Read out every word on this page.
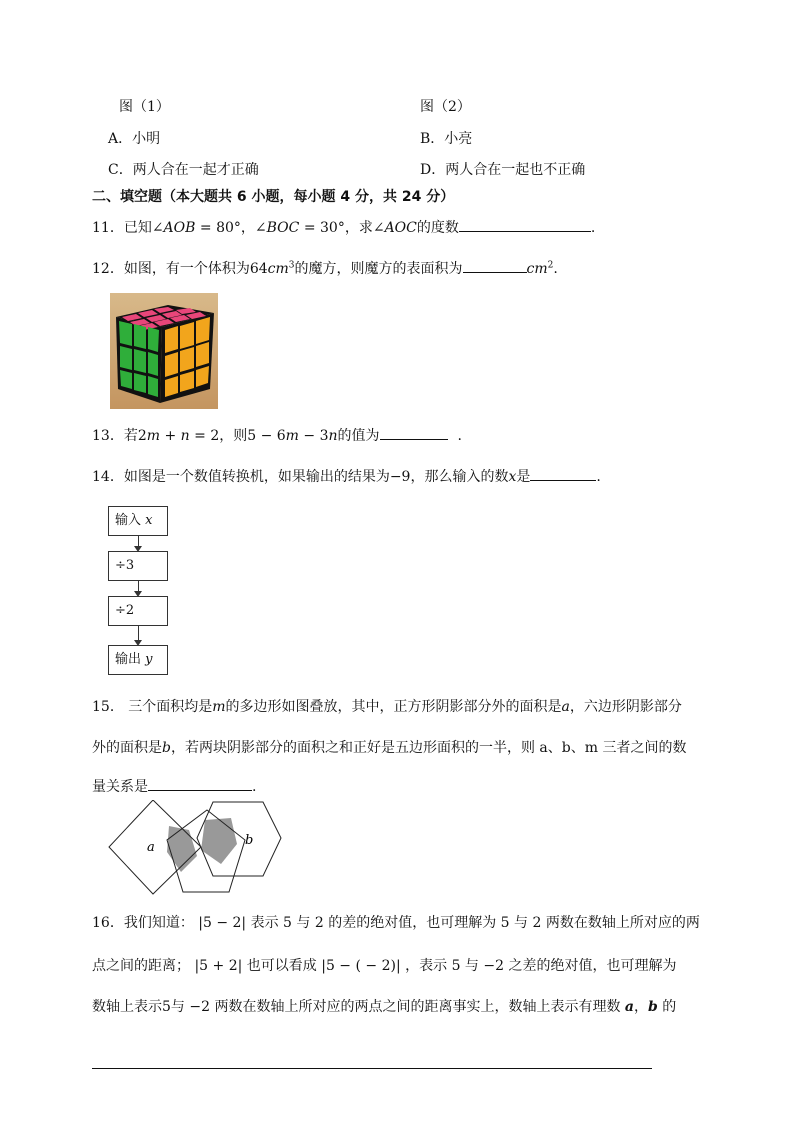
图（1）	图（2）
A．小明	B．小亮
C．两人合在一起才正确	D．两人合在一起也不正确
二、填空题（本大题共 6 小题，每小题 4 分，共 24 分）
11．已知∠AOB = 80°，∠BOC = 30°，求∠AOC的度数	.
12．如图，有一个体积为$64cm^3$的魔方，则魔方的表面积为	$cm^2$.
13．若2m + n = 2，则5 − 6m − 3n的值为	.
14．如图是一个数值转换机，如果输出的结果为−9，那么输入的数x是	.
输入 x
÷3
÷2
输出 y
15． 三个面积均是m的多边形如图叠放，其中，正方形阴影部分外的面积是a，六边形阴影部分
外的面积是b，若两块阴影部分的面积之和正好是五边形面积的一半，则 a、b、m 三者之间的数
量关系是	.
a	b
16．我们知道： |5 − 2| 表示 5 与 2 的差的绝对值，也可理解为 5 与 2 两数在数轴上所对应的两
点之间的距离； |5 + 2| 也可以看成 |5 − ( − 2)| ，表示 5 与 −2 之差的绝对值，也可理解为
数轴上表示5与 −2 两数在数轴上所对应的两点之间的距离事实上，数轴上表示有理数 a，b 的
